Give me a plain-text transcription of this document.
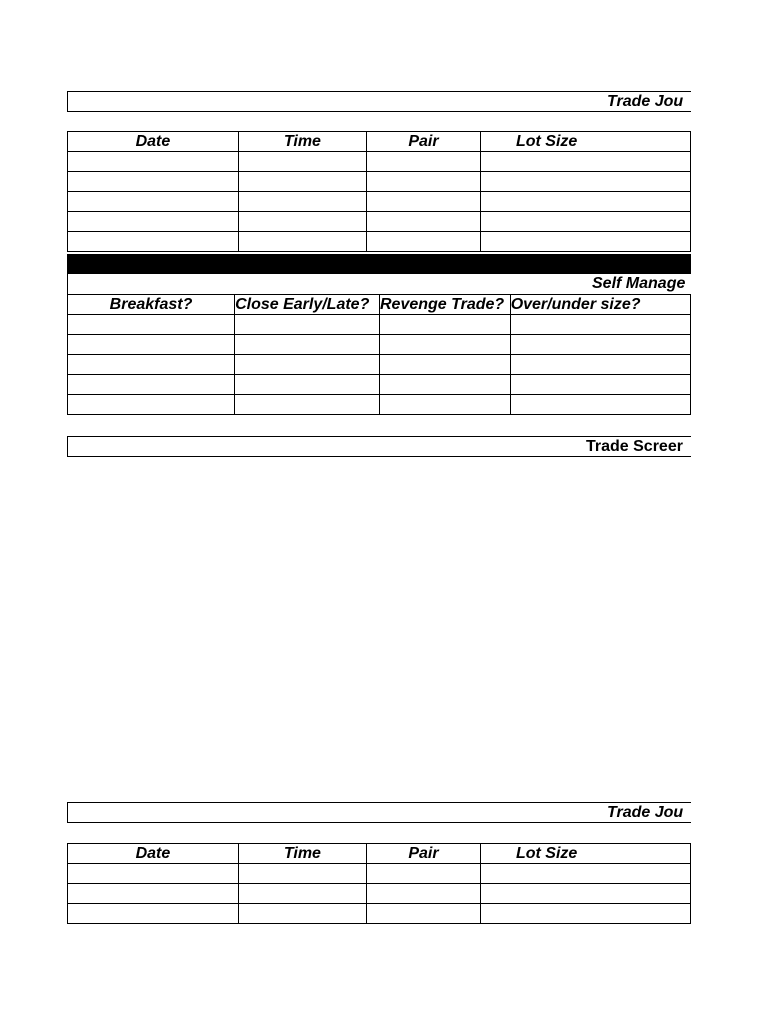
Trade Jou
Date	Time	Pair	Lot Size

Self Manage
Breakfast?	Close Early/Late?	Revenge Trade?	Over/under size?

Trade Screer
Trade Jou
Date	Time	Pair	Lot Size
